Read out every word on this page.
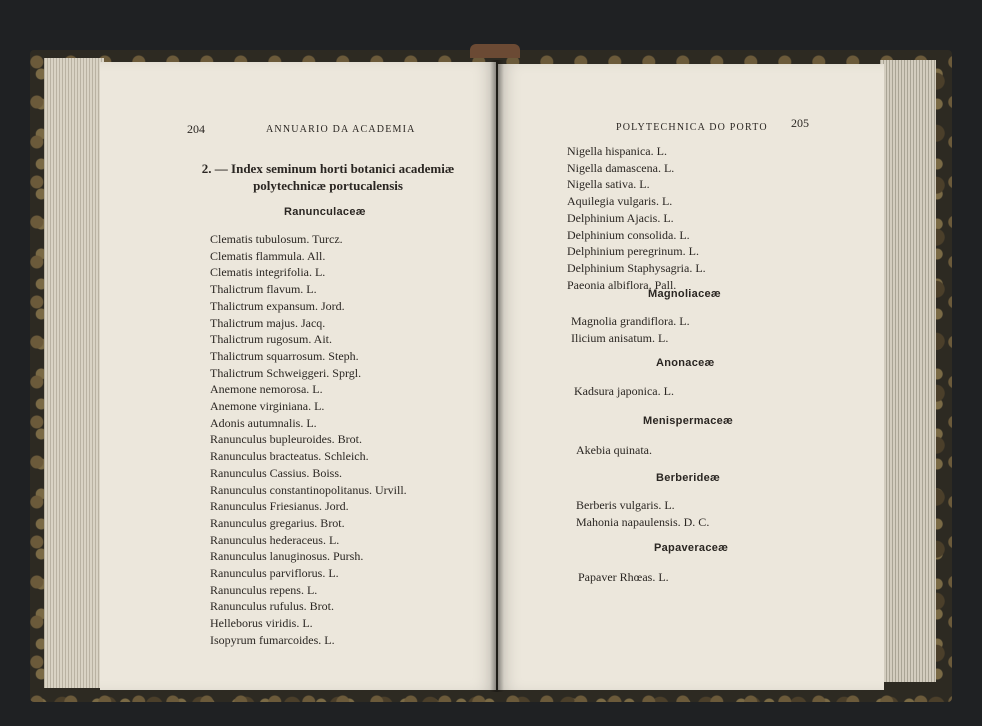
204	ANNUARIO DA ACADEMIA
2. — Index seminum horti botanici academiæ polytechnicæ portucalensis
Ranunculaceæ
Clematis tubulosum. Turcz.
Clematis flammula. All.
Clematis integrifolia. L.
Thalictrum flavum. L.
Thalictrum expansum. Jord.
Thalictrum majus. Jacq.
Thalictrum rugosum. Ait.
Thalictrum squarrosum. Steph.
Thalictrum Schweiggeri. Sprgl.
Anemone nemorosa. L.
Anemone virginiana. L.
Adonis autumnalis. L.
Ranunculus bupleuroides. Brot.
Ranunculus bracteatus. Schleich.
Ranunculus Cassius. Boiss.
Ranunculus constantinopolitanus. Urvill.
Ranunculus Friesianus. Jord.
Ranunculus gregarius. Brot.
Ranunculus hederaceus. L.
Ranunculus lanuginosus. Pursh.
Ranunculus parviflorus. L.
Ranunculus repens. L.
Ranunculus rufulus. Brot.
Helleborus viridis. L.
Isopyrum fumarcoides. L.
POLYTECHNICA DO PORTO 205
Nigella hispanica. L.
Nigella damascena. L.
Nigella sativa. L.
Aquilegia vulgaris. L.
Delphinium Ajacis. L.
Delphinium consolida. L.
Delphinium peregrinum. L.
Delphinium Staphysagria. L.
Paeonia albiflora. Pall.
Magnoliaceæ
Magnolia grandiflora. L.
Ilicium anisatum. L.
Anonaceæ
Kadsura japonica. L.
Menispermaceæ
Akebia quinata.
Berberideæ
Berberis vulgaris. L.
Mahonia napaulensis. D. C.
Papaveraceæ
Papaver Rhœas. L.
